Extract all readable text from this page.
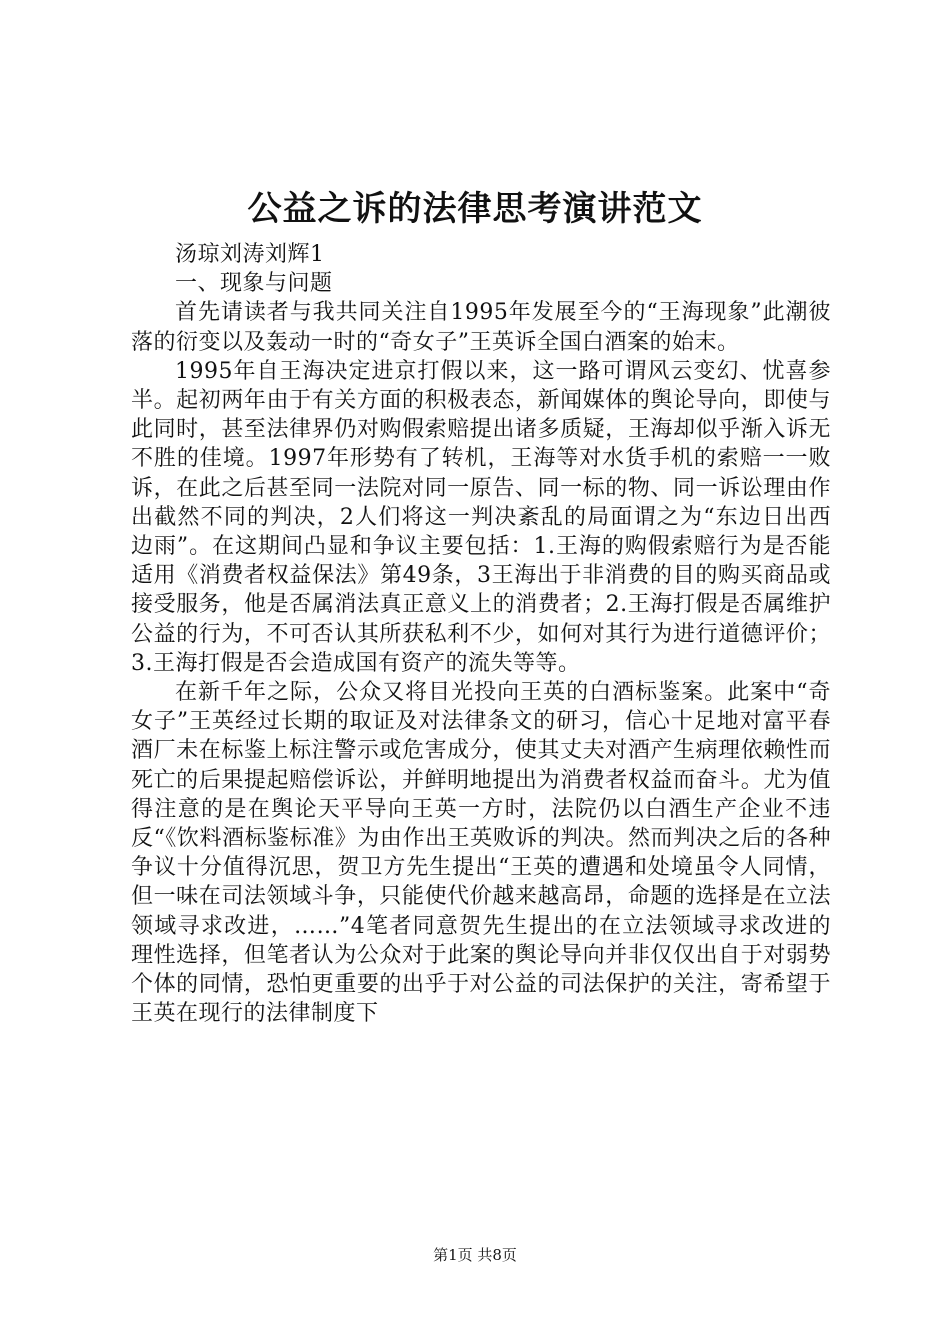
公益之诉的法律思考演讲范文

汤琼刘涛刘辉1

一、现象与问题

首先请读者与我共同关注自1995年发展至今的“王海现象”此潮彼落的衍变以及轰动一时的“奇女子”王英诉全国白酒案的始末。

1995年自王海决定进京打假以来，这一路可谓风云变幻、忧喜参半。起初两年由于有关方面的积极表态，新闻媒体的舆论导向，即使与此同时，甚至法律界仍对购假索赔提出诸多质疑，王海却似乎渐入诉无不胜的佳境。1997年形势有了转机，王海等对水货手机的索赔一一败诉，在此之后甚至同一法院对同一原告、同一标的物、同一诉讼理由作出截然不同的判决，2人们将这一判决紊乱的局面谓之为“东边日出西边雨”。在这期间凸显和争议主要包括：1.王海的购假索赔行为是否能适用《消费者权益保法》第49条，3王海出于非消费的目的购买商品或接受服务，他是否属消法真正意义上的消费者；2.王海打假是否属维护公益的行为，不可否认其所获私利不少，如何对其行为进行道德评价；3.王海打假是否会造成国有资产的流失等等。

在新千年之际，公众又将目光投向王英的白酒标鉴案。此案中“奇女子”王英经过长期的取证及对法律条文的研习，信心十足地对富平春酒厂未在标鉴上标注警示或危害成分，使其丈夫对酒产生病理依赖性而死亡的后果提起赔偿诉讼，并鲜明地提出为消费者权益而奋斗。尤为值得注意的是在舆论天平导向王英一方时，法院仍以白酒生产企业不违反“《饮料酒标鉴标准》为由作出王英败诉的判决。然而判决之后的各种争议十分值得沉思，贺卫方先生提出“王英的遭遇和处境虽令人同情，但一味在司法领域斗争，只能使代价越来越高昂，命题的选择是在立法领域寻求改进，……”4笔者同意贺先生提出的在立法领域寻求改进的理性选择，但笔者认为公众对于此案的舆论导向并非仅仅出自于对弱势个体的同情，恐怕更重要的出乎于对公益的司法保护的关注，寄希望于王英在现行的法律制度下

第1页 共8页
